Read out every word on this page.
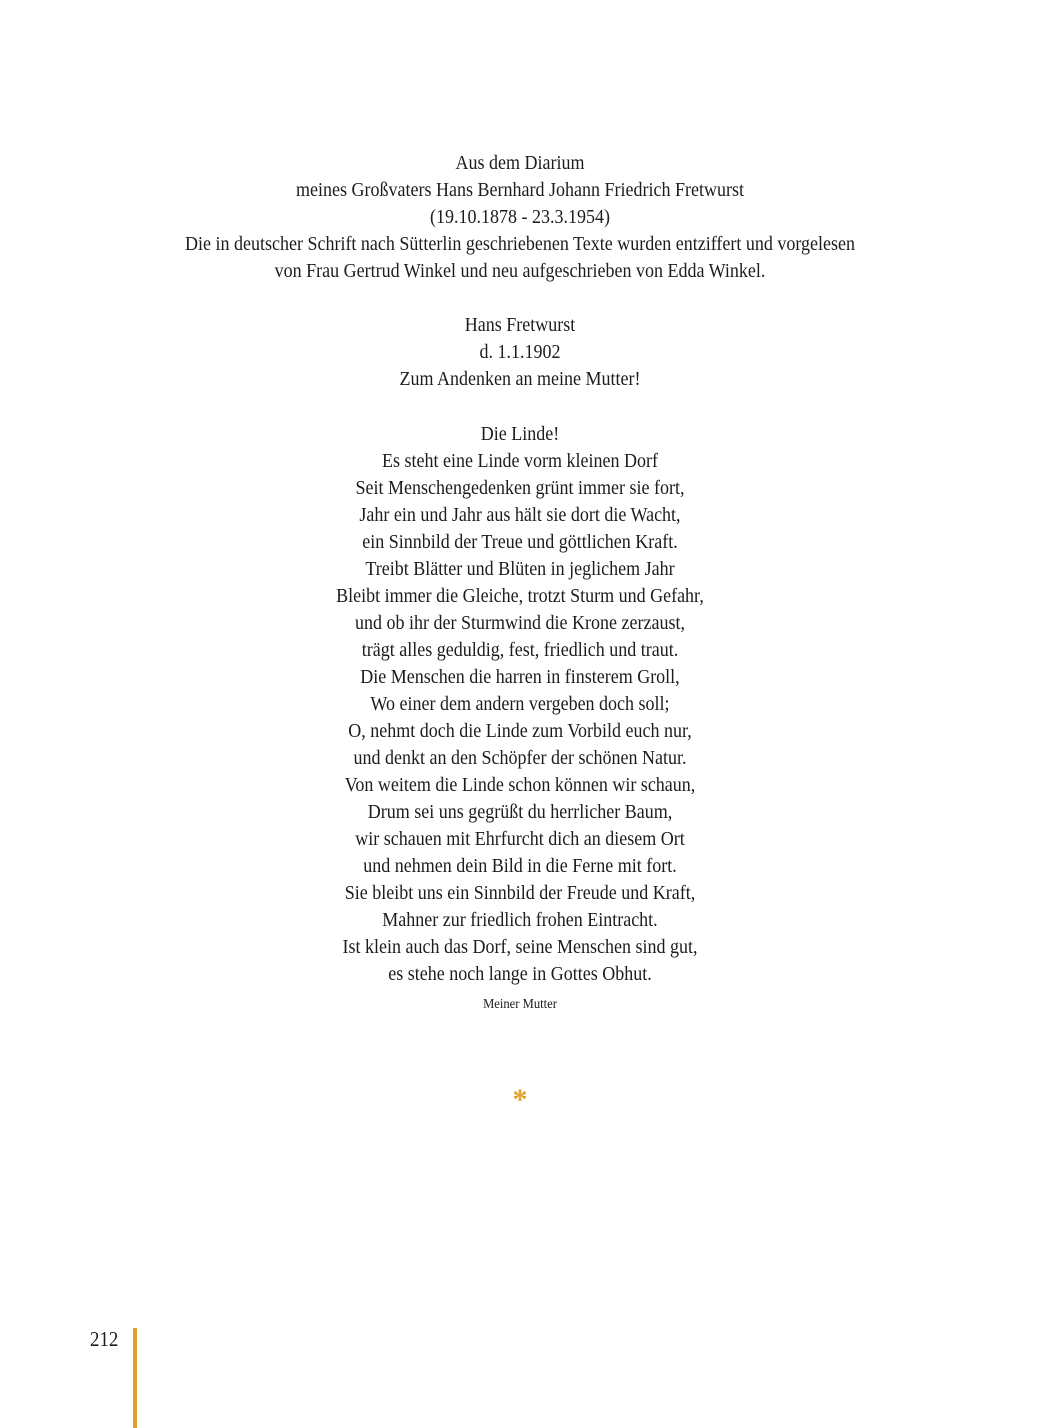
Aus dem Diarium
meines Großvaters Hans Bernhard Johann Friedrich Fretwurst
(19.10.1878 - 23.3.1954)
Die in deutscher Schrift nach Sütterlin geschriebenen Texte wurden entziffert und vorgelesen
von Frau Gertrud Winkel und neu aufgeschrieben von Edda Winkel.
Hans Fretwurst
d. 1.1.1902
Zum Andenken an meine Mutter!
Die Linde!
Es steht eine Linde vorm kleinen Dorf
Seit Menschengedenken grünt immer sie fort,
Jahr ein und Jahr aus hält sie dort die Wacht,
ein Sinnbild der Treue und göttlichen Kraft.
Treibt Blätter und Blüten in jeglichem Jahr
Bleibt immer die Gleiche, trotzt Sturm und Gefahr,
und ob ihr der Sturmwind die Krone zerzaust,
trägt alles geduldig, fest, friedlich und traut.
Die Menschen die harren in finsterem Groll,
Wo einer dem andern vergeben doch soll;
O, nehmt doch die Linde zum Vorbild euch nur,
und denkt an den Schöpfer der schönen Natur.
Von weitem die Linde schon können wir schaun,
Drum sei uns gegrüßt du herrlicher Baum,
wir schauen mit Ehrfurcht dich an diesem Ort
und nehmen dein Bild in die Ferne mit fort.
Sie bleibt uns ein Sinnbild der Freude und Kraft,
Mahner zur friedlich frohen Eintracht.
Ist klein auch das Dorf, seine Menschen sind gut,
es stehe noch lange in Gottes Obhut.
Meiner Mutter
*
212
